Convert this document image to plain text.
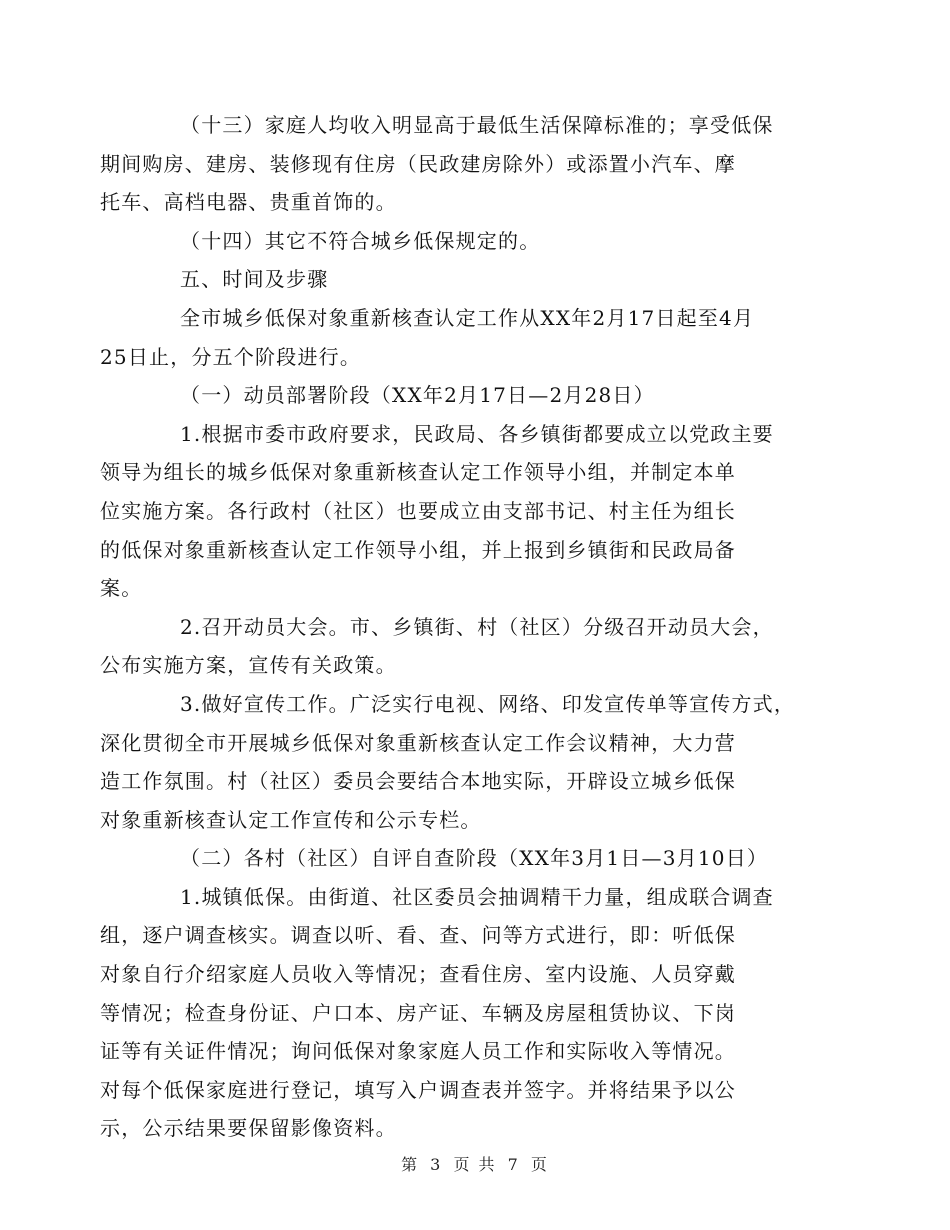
（十三）家庭人均收入明显高于最低生活保障标准的；享受低保
期间购房、建房、装修现有住房（民政建房除外）或添置小汽车、摩
托车、高档电器、贵重首饰的。

（十四）其它不符合城乡低保规定的。

五、时间及步骤

全市城乡低保对象重新核查认定工作从XX年2月17日起至4月
25日止，分五个阶段进行。

（一）动员部署阶段（XX年2月17日—2月28日）

1.根据市委市政府要求，民政局、各乡镇街都要成立以党政主要
领导为组长的城乡低保对象重新核查认定工作领导小组，并制定本单
位实施方案。各行政村（社区）也要成立由支部书记、村主任为组长
的低保对象重新核查认定工作领导小组，并上报到乡镇街和民政局备
案。

2.召开动员大会。市、乡镇街、村（社区）分级召开动员大会，
公布实施方案，宣传有关政策。

3.做好宣传工作。广泛实行电视、网络、印发宣传单等宣传方式，
深化贯彻全市开展城乡低保对象重新核查认定工作会议精神，大力营
造工作氛围。村（社区）委员会要结合本地实际，开辟设立城乡低保
对象重新核查认定工作宣传和公示专栏。

（二）各村（社区）自评自查阶段（XX年3月1日—3月10日）

1.城镇低保。由街道、社区委员会抽调精干力量，组成联合调查
组，逐户调查核实。调查以听、看、查、问等方式进行，即：听低保
对象自行介绍家庭人员收入等情况；查看住房、室内设施、人员穿戴
等情况；检查身份证、户口本、房产证、车辆及房屋租赁协议、下岗
证等有关证件情况；询问低保对象家庭人员工作和实际收入等情况。
对每个低保家庭进行登记，填写入户调查表并签字。并将结果予以公
示，公示结果要保留影像资料。

第 3 页 共 7 页
